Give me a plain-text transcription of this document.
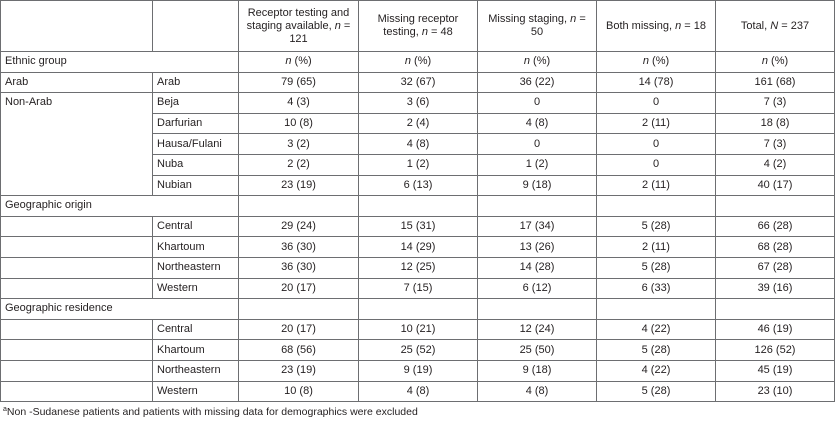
		Receptor testing and staging available, n = 121	Missing receptor testing, n = 48	Missing staging, n = 50	Both missing, n = 18	Total, N = 237
Ethnic group		n (%)	n (%)	n (%)	n (%)	n (%)
Arab	Arab	79 (65)	32 (67)	36 (22)	14 (78)	161 (68)
Non-Arab	Beja	4 (3)	3 (6)	0	0	7 (3)
	Darfurian	10 (8)	2 (4)	4 (8)	2 (11)	18 (8)
	Hausa/Fulani	3 (2)	4 (8)	0	0	7 (3)
	Nuba	2 (2)	1 (2)	1 (2)	0	4 (2)
	Nubian	23 (19)	6 (13)	9 (18)	2 (11)	40 (17)
Geographic origin						
	Central	29 (24)	15 (31)	17 (34)	5 (28)	66 (28)
	Khartoum	36 (30)	14 (29)	13 (26)	2 (11)	68 (28)
	Northeastern	36 (30)	12 (25)	14 (28)	5 (28)	67 (28)
	Western	20 (17)	7 (15)	6 (12)	6 (33)	39 (16)
Geographic residence						
	Central	20 (17)	10 (21)	12 (24)	4 (22)	46 (19)
	Khartoum	68 (56)	25 (52)	25 (50)	5 (28)	126 (52)
	Northeastern	23 (19)	9 (19)	9 (18)	4 (22)	45 (19)
	Western	10 (8)	4 (8)	4 (8)	5 (28)	23 (10)
$^a$Non -Sudanese patients and patients with missing data for demographics were excluded
